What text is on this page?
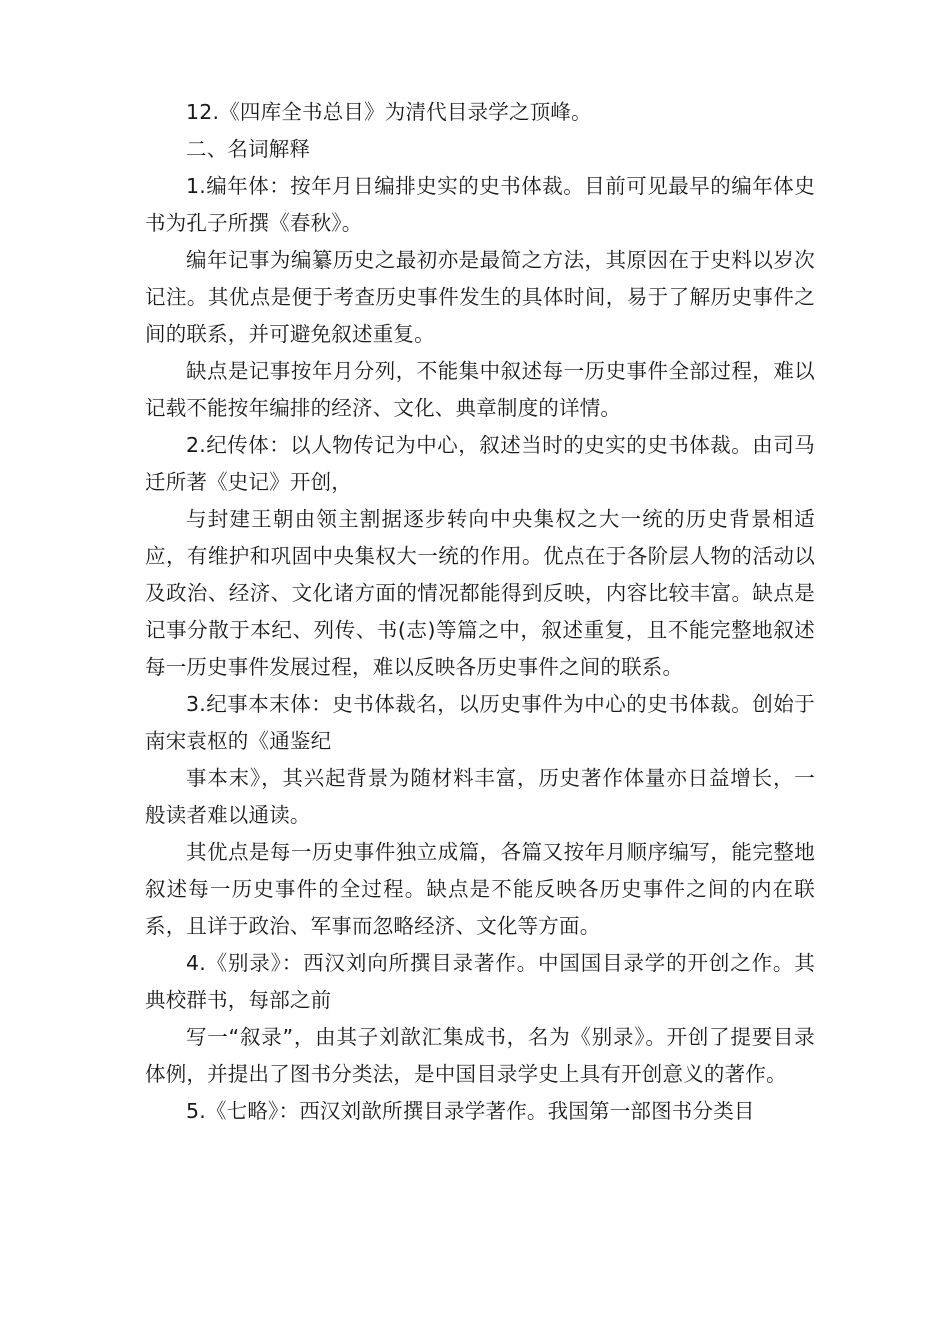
12.《四库全书总目》为清代目录学之顶峰。

二、名词解释

1.编年体：按年月日编排史实的史书体裁。目前可见最早的编年体史书为孔子所撰《春秋》。

编年记事为编纂历史之最初亦是最简之方法，其原因在于史料以岁次记注。其优点是便于考查历史事件发生的具体时间，易于了解历史事件之间的联系，并可避免叙述重复。

缺点是记事按年月分列，不能集中叙述每一历史事件全部过程，难以记载不能按年编排的经济、文化、典章制度的详情。

2.纪传体：以人物传记为中心，叙述当时的史实的史书体裁。由司马迁所著《史记》开创，

与封建王朝由领主割据逐步转向中央集权之大一统的历史背景相适应，有维护和巩固中央集权大一统的作用。优点在于各阶层人物的活动以及政治、经济、文化诸方面的情况都能得到反映，内容比较丰富。缺点是记事分散于本纪、列传、书(志)等篇之中，叙述重复，且不能完整地叙述每一历史事件发展过程，难以反映各历史事件之间的联系。

3.纪事本末体：史书体裁名，以历史事件为中心的史书体裁。创始于南宋袁枢的《通鉴纪

事本末》，其兴起背景为随材料丰富，历史著作体量亦日益增长，一般读者难以通读。

其优点是每一历史事件独立成篇，各篇又按年月顺序编写，能完整地叙述每一历史事件的全过程。缺点是不能反映各历史事件之间的内在联系，且详于政治、军事而忽略经济、文化等方面。

4.《别录》：西汉刘向所撰目录著作。中国国目录学的开创之作。其典校群书，每部之前

写一“叙录”，由其子刘歆汇集成书，名为《别录》。开创了提要目录体例，并提出了图书分类法，是中国目录学史上具有开创意义的著作。

5.《七略》：西汉刘歆所撰目录学著作。我国第一部图书分类目
